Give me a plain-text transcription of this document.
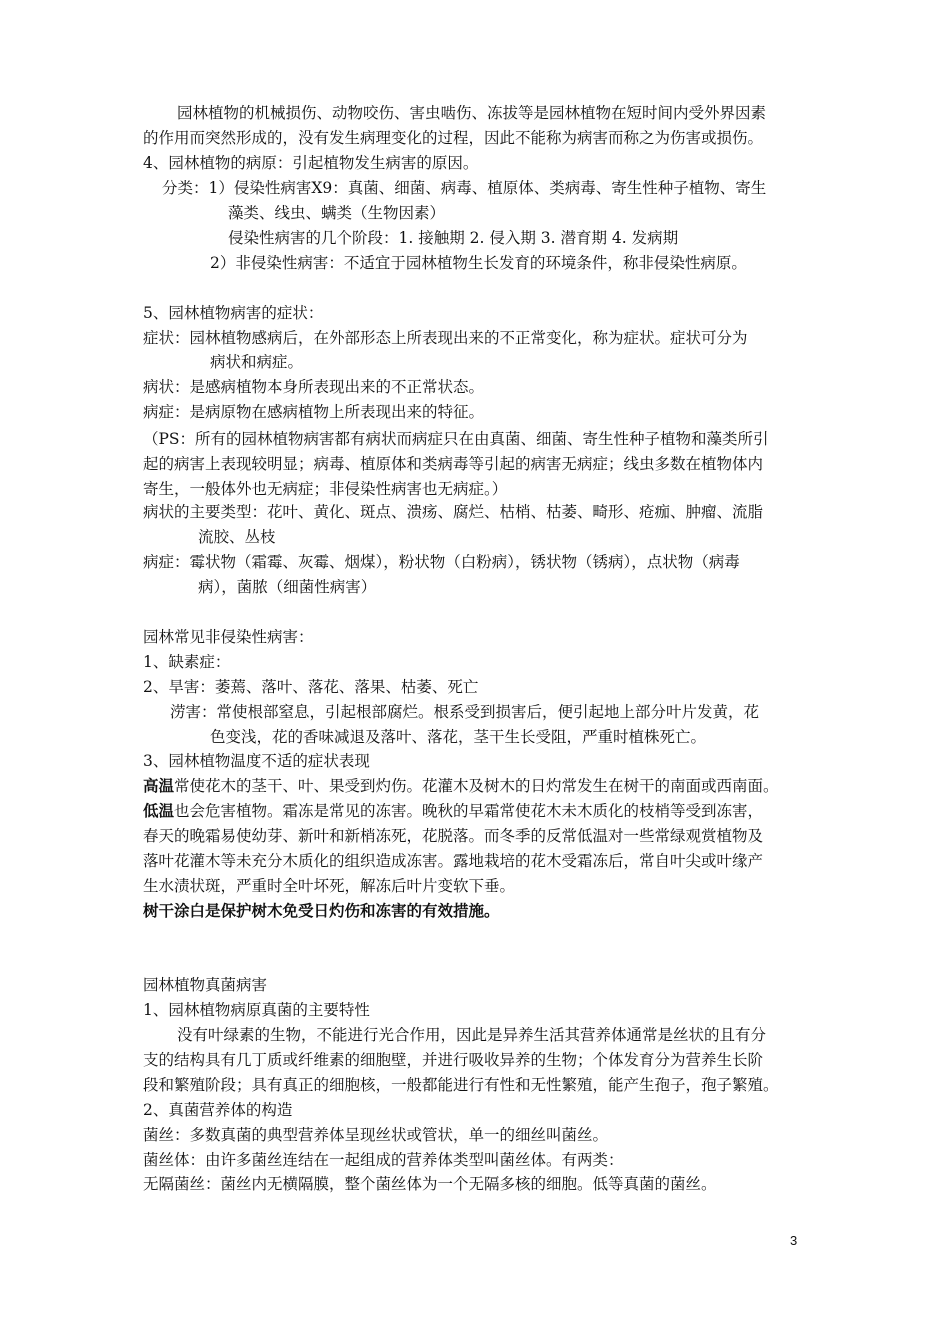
园林植物的机械损伤、动物咬伤、害虫啮伤、冻拔等是园林植物在短时间内受外界因素
的作用而突然形成的，没有发生病理变化的过程，因此不能称为病害而称之为伤害或损伤。
4、园林植物的病原：引起植物发生病害的原因。
分类：1）侵染性病害X9：真菌、细菌、病毒、植原体、类病毒、寄生性种子植物、寄生
藻类、线虫、螨类（生物因素）
侵染性病害的几个阶段：1. 接触期 2. 侵入期 3. 潜育期 4. 发病期
2）非侵染性病害：不适宜于园林植物生长发育的环境条件，称非侵染性病原。
5、园林植物病害的症状：
症状：园林植物感病后，在外部形态上所表现出来的不正常变化，称为症状。症状可分为
病状和病症。
病状：是感病植物本身所表现出来的不正常状态。
病症：是病原物在感病植物上所表现出来的特征。
（PS：所有的园林植物病害都有病状而病症只在由真菌、细菌、寄生性种子植物和藻类所引
起的病害上表现较明显；病毒、植原体和类病毒等引起的病害无病症；线虫多数在植物体内
寄生，一般体外也无病症；非侵染性病害也无病症。）
病状的主要类型：花叶、黄化、斑点、溃疡、腐烂、枯梢、枯萎、畸形、疮痂、肿瘤、流脂
流胶、丛枝
病症：霉状物（霜霉、灰霉、烟煤），粉状物（白粉病），锈状物（锈病），点状物（病毒
病），菌脓（细菌性病害）
园林常见非侵染性病害：
1、缺素症：
2、旱害：萎蔫、落叶、落花、落果、枯萎、死亡
涝害：常使根部窒息，引起根部腐烂。根系受到损害后，便引起地上部分叶片发黄，花
色变浅，花的香味减退及落叶、落花，茎干生长受阻，严重时植株死亡。
3、园林植物温度不适的症状表现
高温常使花木的茎干、叶、果受到灼伤。花灌木及树木的日灼常发生在树干的南面或西南面。
低温也会危害植物。霜冻是常见的冻害。晚秋的早霜常使花木未木质化的枝梢等受到冻害，
春天的晚霜易使幼芽、新叶和新梢冻死，花脱落。而冬季的反常低温对一些常绿观赏植物及
落叶花灌木等未充分木质化的组织造成冻害。露地栽培的花木受霜冻后，常自叶尖或叶缘产
生水渍状斑，严重时全叶坏死，解冻后叶片变软下垂。
树干涂白是保护树木免受日灼伤和冻害的有效措施。
园林植物真菌病害
1、园林植物病原真菌的主要特性
没有叶绿素的生物，不能进行光合作用，因此是异养生活其营养体通常是丝状的且有分
支的结构具有几丁质或纤维素的细胞壁，并进行吸收异养的生物；个体发育分为营养生长阶
段和繁殖阶段；具有真正的细胞核，一般都能进行有性和无性繁殖，能产生孢子，孢子繁殖。
2、真菌营养体的构造
菌丝：多数真菌的典型营养体呈现丝状或管状，单一的细丝叫菌丝。
菌丝体：由许多菌丝连结在一起组成的营养体类型叫菌丝体。有两类：
无隔菌丝：菌丝内无横隔膜，整个菌丝体为一个无隔多核的细胞。低等真菌的菌丝。
3
